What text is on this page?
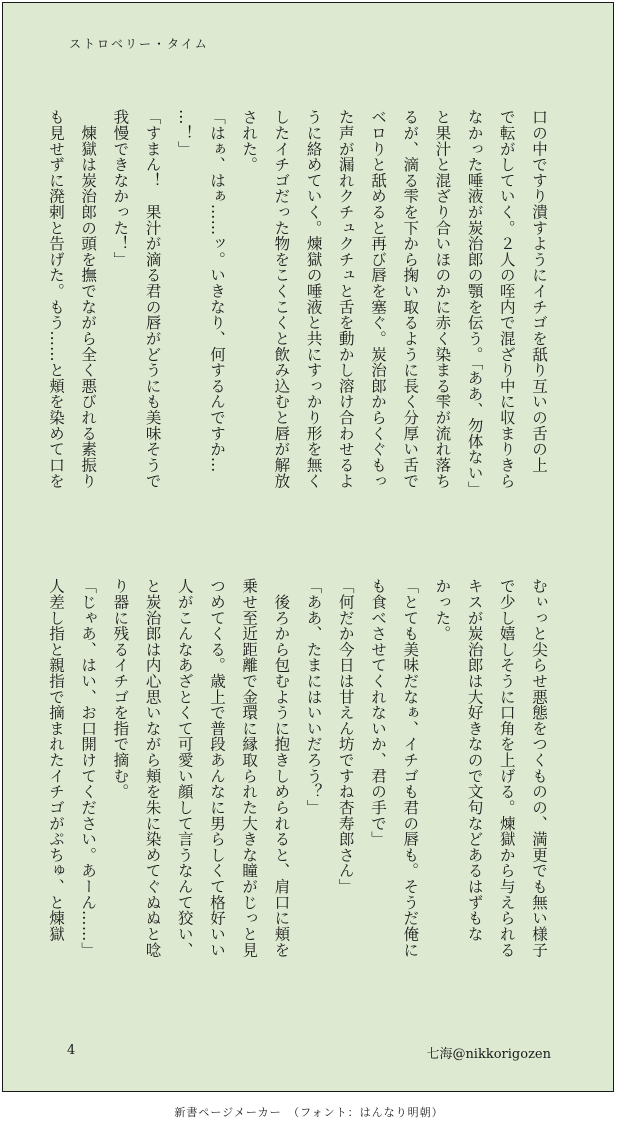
ストロベリー・タイム
口の中ですり潰すようにイチゴを舐り互いの舌の上
で転がしていく。２人の咥内で混ざり中に収まりきら
なかった唾液が炭治郎の顎を伝う。「ああ、勿体ない」
と果汁と混ざり合いほのかに赤く染まる雫が流れ落ち
るが、滴る雫を下から掬い取るように長く分厚い舌で
ベロりと舐めると再び唇を塞ぐ。炭治郎からくぐもっ
た声が漏れクチュクチュと舌を動かし溶け合わせるよ
うに絡めていく。煉獄の唾液と共にすっかり形を無く
したイチゴだった物をこくこくと飲み込むと唇が解放
された。
「はぁ、はぁ……ッ。いきなり、何するんですか…
…！」
「すまん！　果汁が滴る君の唇がどうにも美味そうで
我慢できなかった！」
　煉獄は炭治郎の頭を撫でながら全く悪びれる素振り
も見せずに溌剌と告げた。もう……と頬を染めて口を
むぃっと尖らせ悪態をつくものの、満更でも無い様子
で少し嬉しそうに口角を上げる。煉獄から与えられる
キスが炭治郎は大好きなので文句などあるはずもな
かった。
「とても美味だなぁ、イチゴも君の唇も。そうだ俺に
も食べさせてくれないか、君の手で」
「何だか今日は甘えん坊ですね杏寿郎さん」
「ああ、たまにはいいだろう？」
　後ろから包むように抱きしめられると、肩口に頬を
乗せ至近距離で金環に縁取られた大きな瞳がじっと見
つめてくる。歳上で普段あんなに男らしくて格好いい
人がこんなあざとくて可愛い顔して言うなんて狡い、
と炭治郎は内心思いながら頬を朱に染めてぐぬぬと唸
り器に残るイチゴを指で摘む。
「じゃあ、はい、お口開けてください。あーん……」
人差し指と親指で摘まれたイチゴがぷちゅ、と煉獄
4	七海@nikkorigozen
新書ページメーカー　（フォント：はんなり明朝）
